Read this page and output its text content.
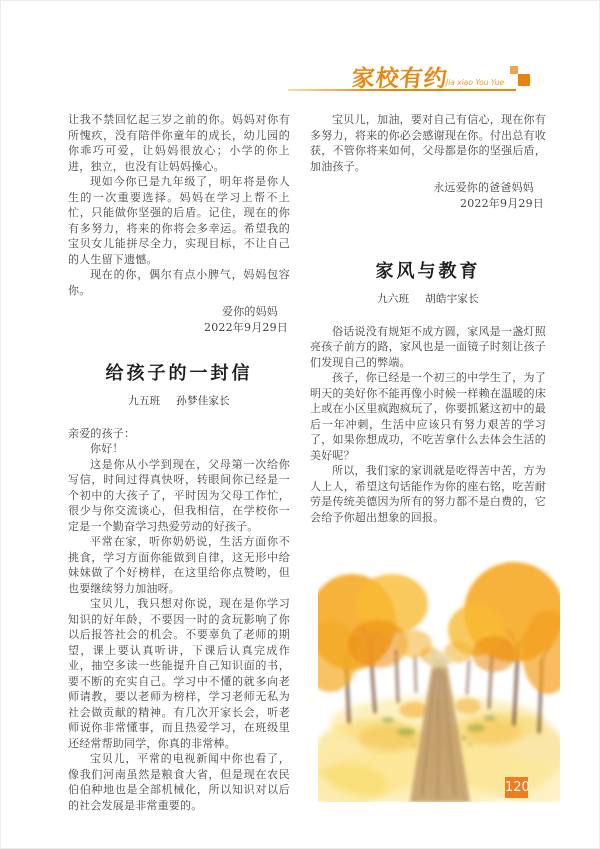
家校有约
Jia xiao You Yue

让我不禁回忆起三岁之前的你。妈妈对你有所愧疚，没有陪伴你童年的成长，幼儿园的你乖巧可爱，让妈妈很放心；小学的你上进，独立，也没有让妈妈操心。

现如今你已是九年级了，明年将是你人生的一次重要选择。妈妈在学习上帮不上忙，只能做你坚强的后盾。记住，现在的你有多努力，将来的你将会多幸运。希望我的宝贝女儿能拼尽全力，实现目标，不让自己的人生留下遗憾。

现在的你，偶尔有点小脾气，妈妈包容你。

爱你的妈妈
2022年9月29日
给孩子的一封信
九五班 孙梦佳家长

亲爱的孩子：

你好！

这是你从小学到现在，父母第一次给你写信，时间过得真快呀，转眼间你已经是一个初中的大孩子了，平时因为父母工作忙，很少与你交流谈心，但我相信，在学校你一定是一个勤奋学习热爱劳动的好孩子。

平常在家，听你奶奶说，生活方面你不挑食，学习方面你能做到自律，这无形中给妹妹做了个好榜样，在这里给你点赞哟，但也要继续努力加油呀。

宝贝儿，我只想对你说，现在是你学习知识的好年龄，不要因一时的贪玩影响了你以后报答社会的机会。不要辜负了老师的期望，课上要认真听讲，下课后认真完成作业，抽空多读一些能提升自己知识面的书，要不断的充实自己。学习中不懂的就多向老师请教，要以老师为榜样，学习老师无私为社会做贡献的精神。有几次开家长会，听老师说你非常懂事，而且热爱学习，在班级里还经常帮助同学，你真的非常棒。

宝贝儿，平常的电视新闻中你也看了，像我们河南虽然是粮食大省，但是现在农民伯伯种地也是全部机械化，所以知识对以后的社会发展是非常重要的。

宝贝儿，加油，要对自己有信心，现在你有多努力，将来的你必会感谢现在你。付出总有收获，不管你将来如何，父母都是你的坚强后盾，加油孩子。

永远爱你的爸爸妈妈
2022年9月29日
家风与教育
九六班 胡皓宇家长

俗话说没有规矩不成方圆，家风是一盏灯照亮孩子前方的路，家风也是一面镜子时刻让孩子们发现自己的弊端。

孩子，你已经是一个初三的中学生了，为了明天的美好你不能再像小时候一样赖在温暖的床上或在小区里疯跑疯玩了，你要抓紧这初中的最后一年冲刺，生活中应该只有努力艰苦的学习了，如果你想成功，不吃苦拿什么去体会生活的美好呢？

所以，我们家的家训就是吃得苦中苦，方为人上人，希望这句话能作为你的座右铭，吃苦耐劳是传统美德因为所有的努力都不是白费的，它会给予你超出想象的回报。

120
